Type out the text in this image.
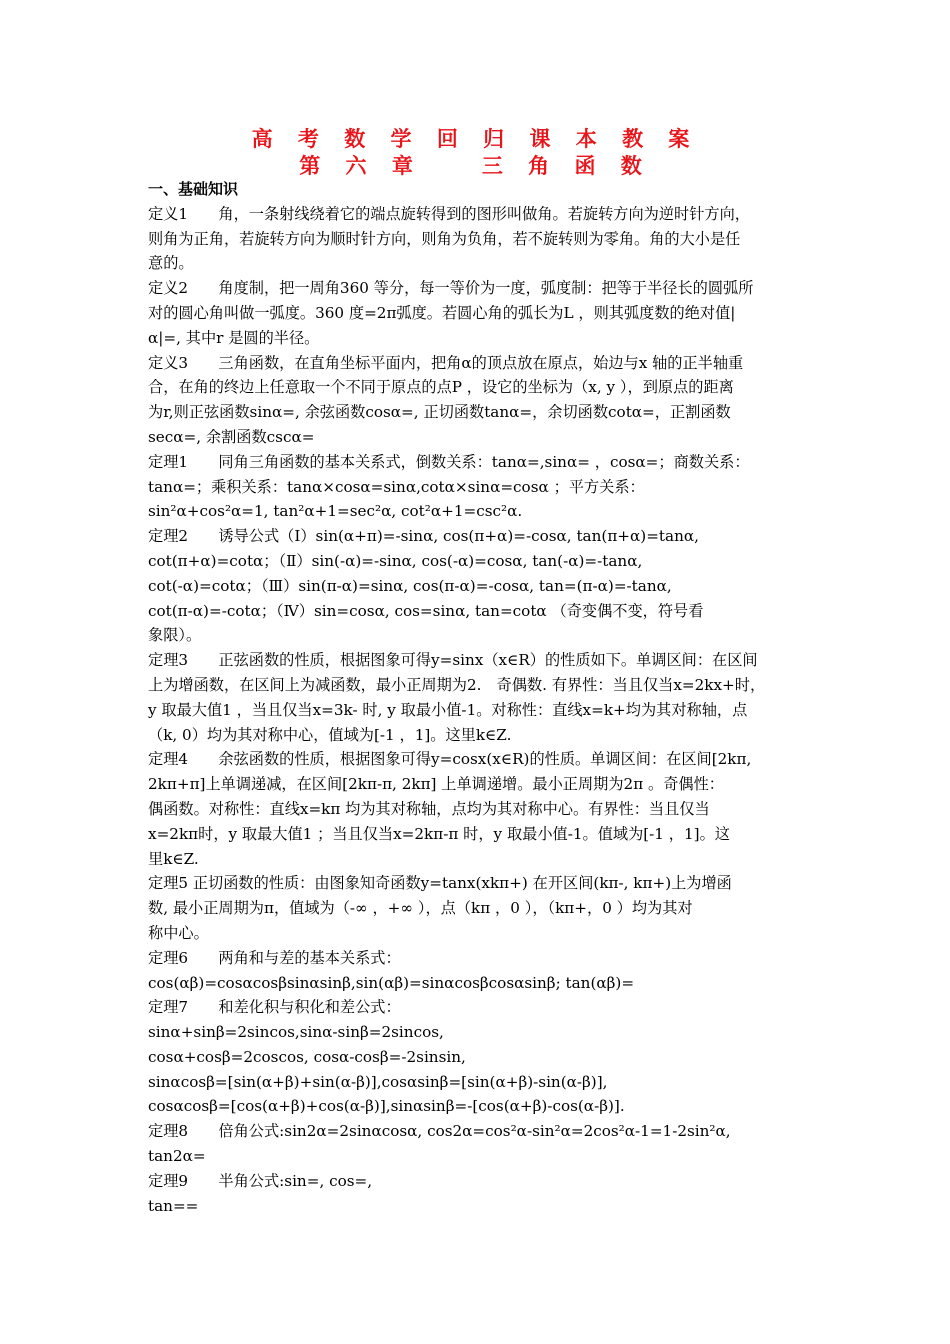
高 考 数 学 回 归 课 本 教 案
第 六 章　　三 角 函 数
一、基础知识
定义1　　角，一条射线绕着它的端点旋转得到的图形叫做角。若旋转方向为逆时针方向，
则角为正角，若旋转方向为顺时针方向，则角为负角，若不旋转则为零角。角的大小是任
意的。
定义2　　角度制，把一周角360 等分，每一等价为一度，弧度制：把等于半径长的圆弧所
对的圆心角叫做一弧度。360 度=2π弧度。若圆心角的弧长为L ，则其弧度数的绝对值|
α|=, 其中r 是圆的半径。
定义3　　三角函数，在直角坐标平面内，把角α的顶点放在原点，始边与x 轴的正半轴重
合，在角的终边上任意取一个不同于原点的点P ，设它的坐标为（x, y ），到原点的距离
为r,则正弦函数sinα=, 余弦函数cosα=, 正切函数tanα=，余切函数cotα=，正割函数
secα=, 余割函数cscα=
定理1　　同角三角函数的基本关系式，倒数关系：tanα=,sinα= ，cosα=；商数关系：
tanα=；乘积关系：tanα×cosα=sinα,cotα×sinα=cosα ；平方关系：
sin²α+cos²α=1, tan²α+1=sec²α, cot²α+1=csc²α.
定理2　　诱导公式（Ⅰ）sin(α+π)=-sinα, cos(π+α)=-cosα, tan(π+α)=tanα,
cot(π+α)=cotα；（Ⅱ）sin(-α)=-sinα, cos(-α)=cosα, tan(-α)=-tanα,
cot(-α)=cotα；（Ⅲ）sin(π-α)=sinα, cos(π-α)=-cosα, tan=(π-α)=-tanα,
cot(π-α)=-cotα；（Ⅳ）sin=cosα, cos=sinα, tan=cotα （奇变偶不变，符号看
象限）。
定理3　　正弦函数的性质，根据图象可得y=sinx（x∈R）的性质如下。单调区间：在区间
上为增函数，在区间上为减函数，最小正周期为2.　奇偶数. 有界性：当且仅当x=2kx+时，
y 取最大值1 ，当且仅当x=3k- 时, y 取最小值-1。对称性：直线x=k+均为其对称轴，点
（k, 0）均为其对称中心，值域为[-1 ，1]。这里k∈Z.
定理4　　余弦函数的性质，根据图象可得y=cosx(x∈R)的性质。单调区间：在区间[2kπ,
2kπ+π]上单调递减，在区间[2kπ-π, 2kπ] 上单调递增。最小正周期为2π 。奇偶性：
偶函数。对称性：直线x=kπ 均为其对称轴，点均为其对称中心。有界性：当且仅当
x=2kπ时，y 取最大值1 ；当且仅当x=2kπ-π 时，y 取最小值-1。值域为[-1 ，1]。这
里k∈Z.
定理5 正切函数的性质：由图象知奇函数y=tanx(xkπ+) 在开区间(kπ-, kπ+)上为增函
数, 最小正周期为π，值域为（-∞ ，+∞ ），点（kπ ，0 ），（kπ+，0 ）均为其对
称中心。
定理6　　两角和与差的基本关系式：
cos(αβ)=cosαcosβsinαsinβ,sin(αβ)=sinαcosβcosαsinβ; tan(αβ)=
定理7　　和差化积与积化和差公式：
sinα+sinβ=2sincos,sinα-sinβ=2sincos,
cosα+cosβ=2coscos, cosα-cosβ=-2sinsin,
sinαcosβ=[sin(α+β)+sin(α-β)],cosαsinβ=[sin(α+β)-sin(α-β)],
cosαcosβ=[cos(α+β)+cos(α-β)],sinαsinβ=-[cos(α+β)-cos(α-β)].
定理8　　倍角公式:sin2α=2sinαcosα, cos2α=cos²α-sin²α=2cos²α-1=1-2sin²α,
tan2α=
定理9　　半角公式:sin=, cos=,
tan==
